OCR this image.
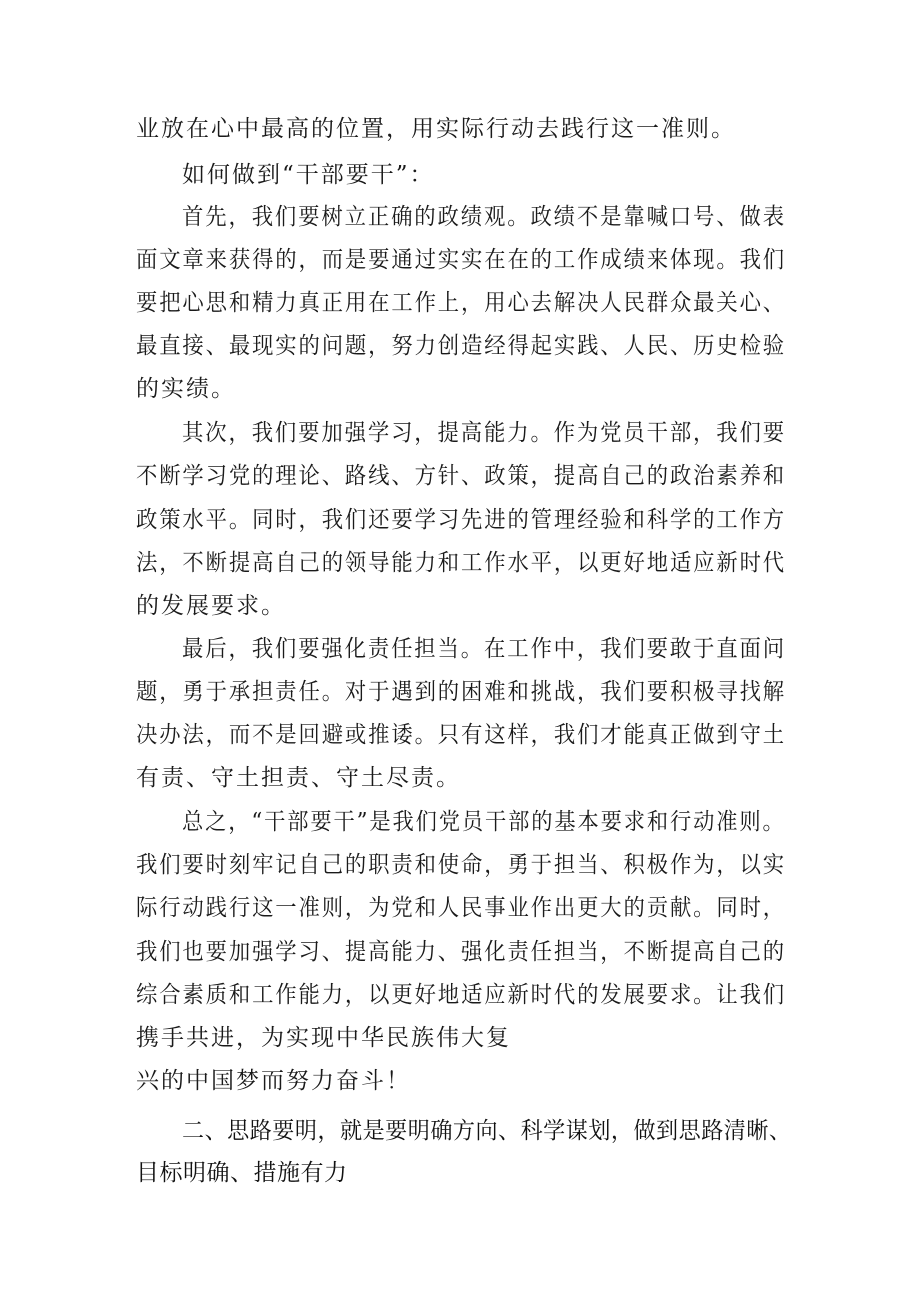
业放在心中最高的位置，用实际行动去践行这一准则。
如何做到“干部要干”：
首先，我们要树立正确的政绩观。政绩不是靠喊口号、做表
面文章来获得的，而是要通过实实在在的工作成绩来体现。我们
要把心思和精力真正用在工作上，用心去解决人民群众最关心、
最直接、最现实的问题，努力创造经得起实践、人民、历史检验
的实绩。
其次，我们要加强学习，提高能力。作为党员干部，我们要
不断学习党的理论、路线、方针、政策，提高自己的政治素养和
政策水平。同时，我们还要学习先进的管理经验和科学的工作方
法，不断提高自己的领导能力和工作水平，以更好地适应新时代
的发展要求。
最后，我们要强化责任担当。在工作中，我们要敢于直面问
题，勇于承担责任。对于遇到的困难和挑战，我们要积极寻找解
决办法，而不是回避或推诿。只有这样，我们才能真正做到守土
有责、守土担责、守土尽责。
总之，“干部要干”是我们党员干部的基本要求和行动准则。
我们要时刻牢记自己的职责和使命，勇于担当、积极作为，以实
际行动践行这一准则，为党和人民事业作出更大的贡献。同时，
我们也要加强学习、提高能力、强化责任担当，不断提高自己的
综合素质和工作能力，以更好地适应新时代的发展要求。让我们
携手共进，为实现中华民族伟大复
兴的中国梦而努力奋斗！
二、思路要明，就是要明确方向、科学谋划，做到思路清晰、
目标明确、措施有力
